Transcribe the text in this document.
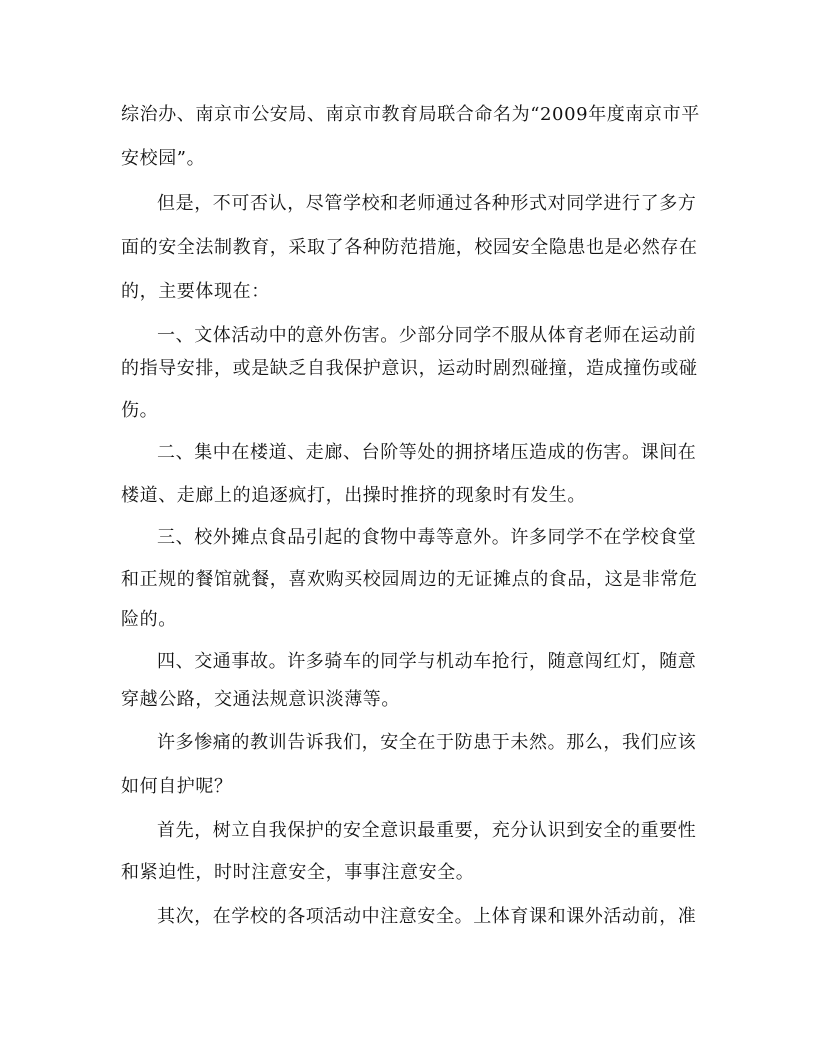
综治办、南京市公安局、南京市教育局联合命名为“2009年度南京市平
安校园”。
但是，不可否认，尽管学校和老师通过各种形式对同学进行了多方
面的安全法制教育，采取了各种防范措施，校园安全隐患也是必然存在
的，主要体现在：
一、文体活动中的意外伤害。少部分同学不服从体育老师在运动前
的指导安排，或是缺乏自我保护意识，运动时剧烈碰撞，造成撞伤或碰
伤。
二、集中在楼道、走廊、台阶等处的拥挤堵压造成的伤害。课间在
楼道、走廊上的追逐疯打，出操时推挤的现象时有发生。
三、校外摊点食品引起的食物中毒等意外。许多同学不在学校食堂
和正规的餐馆就餐，喜欢购买校园周边的无证摊点的食品，这是非常危
险的。
四、交通事故。许多骑车的同学与机动车抢行，随意闯红灯，随意
穿越公路，交通法规意识淡薄等。
许多惨痛的教训告诉我们，安全在于防患于未然。那么，我们应该
如何自护呢？
首先，树立自我保护的安全意识最重要，充分认识到安全的重要性
和紧迫性，时时注意安全，事事注意安全。
其次，在学校的各项活动中注意安全。上体育课和课外活动前，准
